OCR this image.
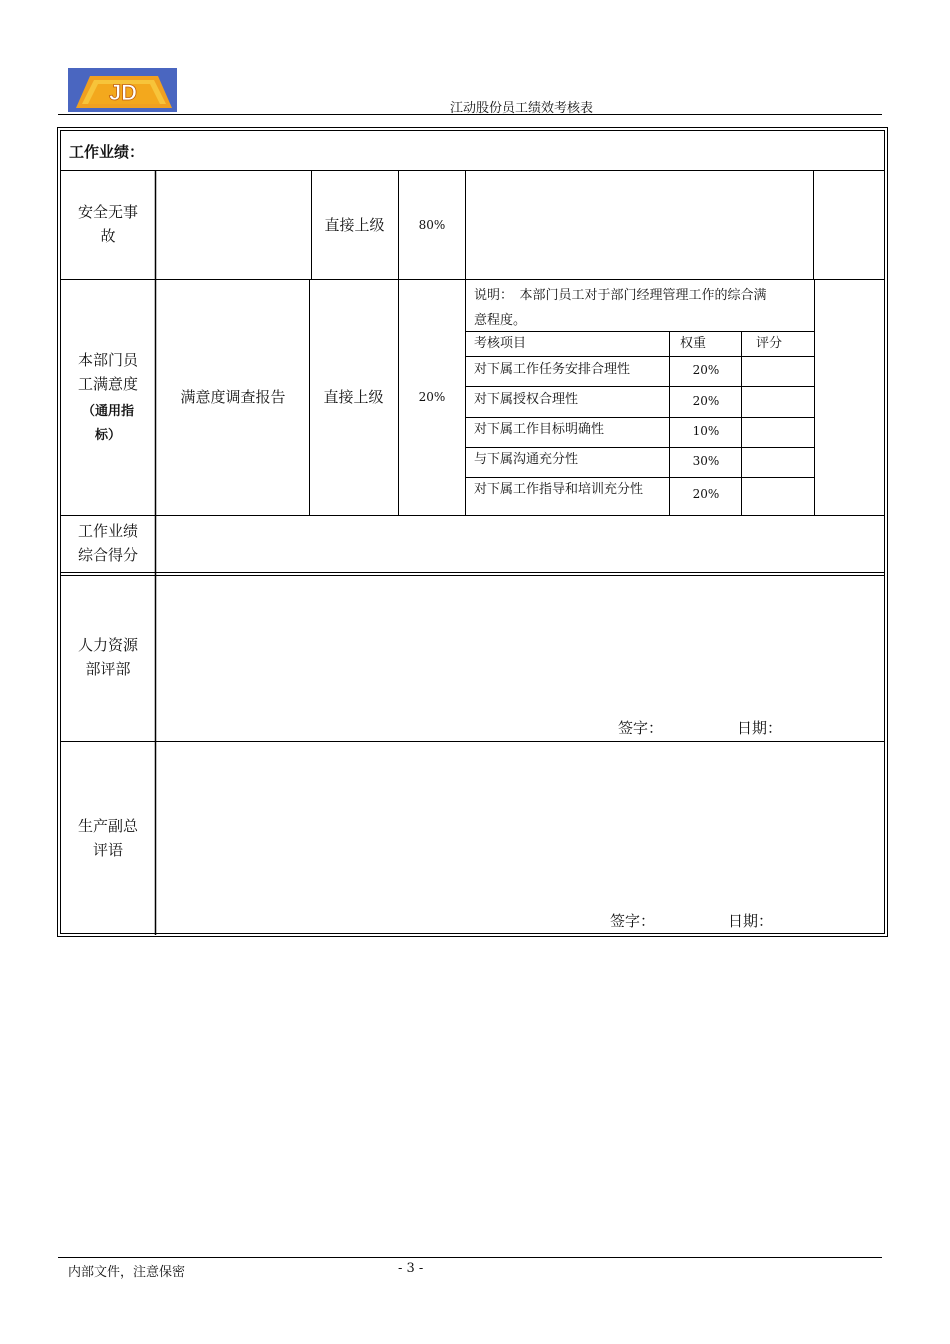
JD
江动股份员工绩效考核表
工作业绩：
安全无事
故
直接上级	80%
本部门员
工满意度
（通用指
标）
满意度调查报告	直接上级	20%
说明：　本部门员工对于部门经理管理工作的综合满
意程度。
考核项目	权重	评分
对下属工作任务安排合理性	20%
对下属授权合理性	20%
对下属工作目标明确性	10%
与下属沟通充分性	30%
对下属工作指导和培训充分性	20%
工作业绩
综合得分
人力资源
部评部
签字：	日期：
生产副总
评语
签字：	日期：
内部文件，注意保密	- 3 -
